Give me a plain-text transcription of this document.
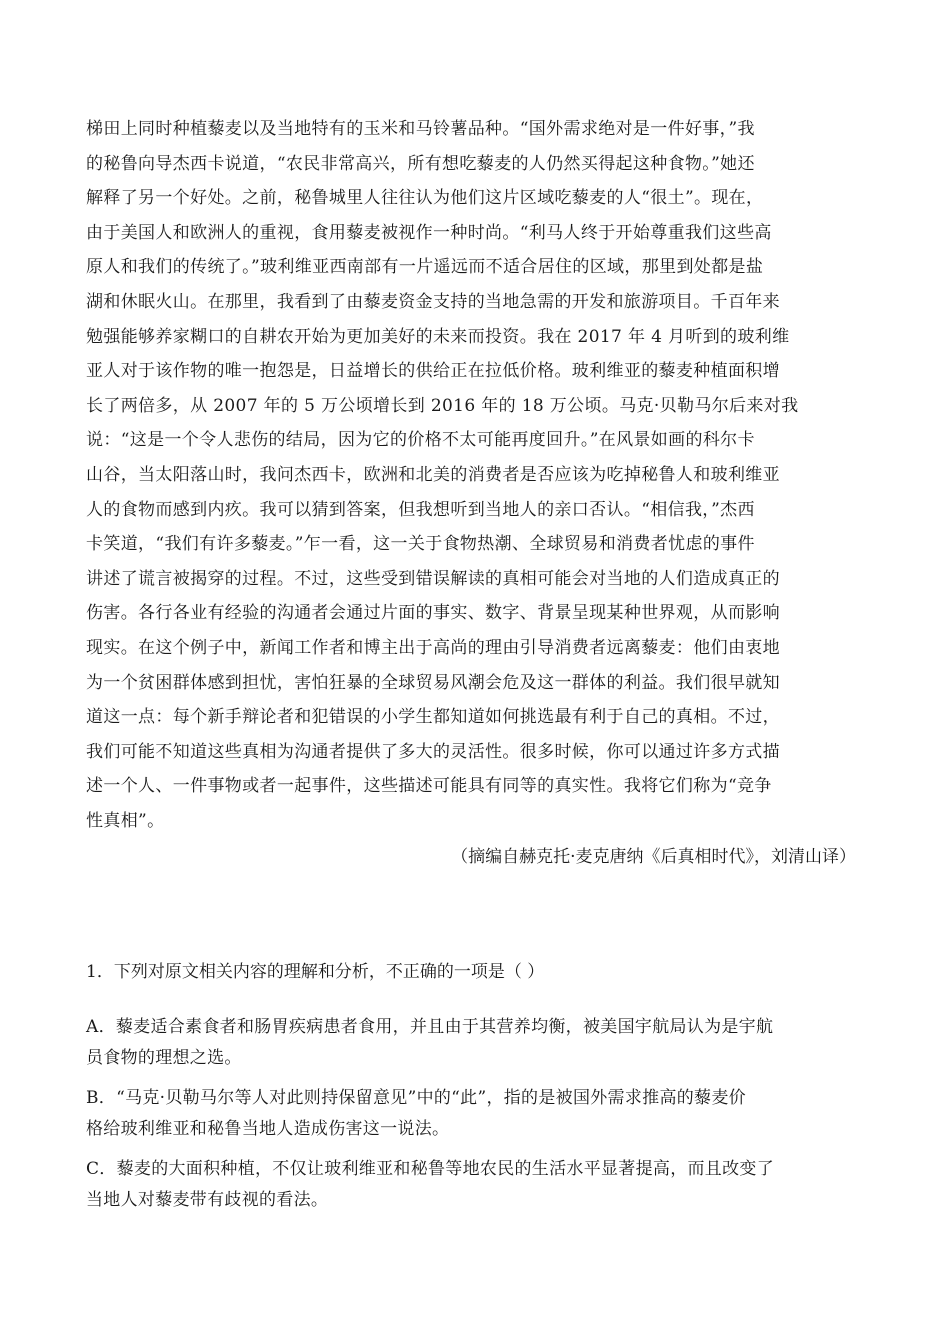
梯田上同时种植藜麦以及当地特有的玉米和马铃薯品种。“国外需求绝对是一件好事，”我
的秘鲁向导杰西卡说道，“农民非常高兴，所有想吃藜麦的人仍然买得起这种食物。”她还
解释了另一个好处。之前，秘鲁城里人往往认为他们这片区域吃藜麦的人“很土”。现在，
由于美国人和欧洲人的重视，食用藜麦被视作一种时尚。“利马人终于开始尊重我们这些高
原人和我们的传统了。”玻利维亚西南部有一片遥远而不适合居住的区域，那里到处都是盐
湖和休眠火山。在那里，我看到了由藜麦资金支持的当地急需的开发和旅游项目。千百年来
勉强能够养家糊口的自耕农开始为更加美好的未来而投资。我在 2017 年 4 月听到的玻利维
亚人对于该作物的唯一抱怨是，日益增长的供给正在拉低价格。玻利维亚的藜麦种植面积增
长了两倍多，从 2007 年的 5 万公顷增长到 2016 年的 18 万公顷。马克·贝勒马尔后来对我
说：“这是一个令人悲伤的结局，因为它的价格不太可能再度回升。”在风景如画的科尔卡
山谷，当太阳落山时，我问杰西卡，欧洲和北美的消费者是否应该为吃掉秘鲁人和玻利维亚
人的食物而感到内疚。我可以猜到答案，但我想听到当地人的亲口否认。“相信我，”杰西
卡笑道，“我们有许多藜麦。”乍一看，这一关于食物热潮、全球贸易和消费者忧虑的事件
讲述了谎言被揭穿的过程。不过，这些受到错误解读的真相可能会对当地的人们造成真正的
伤害。各行各业有经验的沟通者会通过片面的事实、数字、背景呈现某种世界观，从而影响
现实。在这个例子中，新闻工作者和博主出于高尚的理由引导消费者远离藜麦：他们由衷地
为一个贫困群体感到担忧，害怕狂暴的全球贸易风潮会危及这一群体的利益。我们很早就知
道这一点：每个新手辩论者和犯错误的小学生都知道如何挑选最有利于自己的真相。不过，
我们可能不知道这些真相为沟通者提供了多大的灵活性。很多时候，你可以通过许多方式描
述一个人、一件事物或者一起事件，这些描述可能具有同等的真实性。我将它们称为“竞争
性真相”。
（摘编自赫克托·麦克唐纳《后真相时代》，刘清山译）
1．下列对原文相关内容的理解和分析，不正确的一项是（ ）
A．藜麦适合素食者和肠胃疾病患者食用，并且由于其营养均衡，被美国宇航局认为是宇航
员食物的理想之选。
B．“马克·贝勒马尔等人对此则持保留意见”中的“此”，指的是被国外需求推高的藜麦价
格给玻利维亚和秘鲁当地人造成伤害这一说法。
C．藜麦的大面积种植，不仅让玻利维亚和秘鲁等地农民的生活水平显著提高，而且改变了
当地人对藜麦带有歧视的看法。
